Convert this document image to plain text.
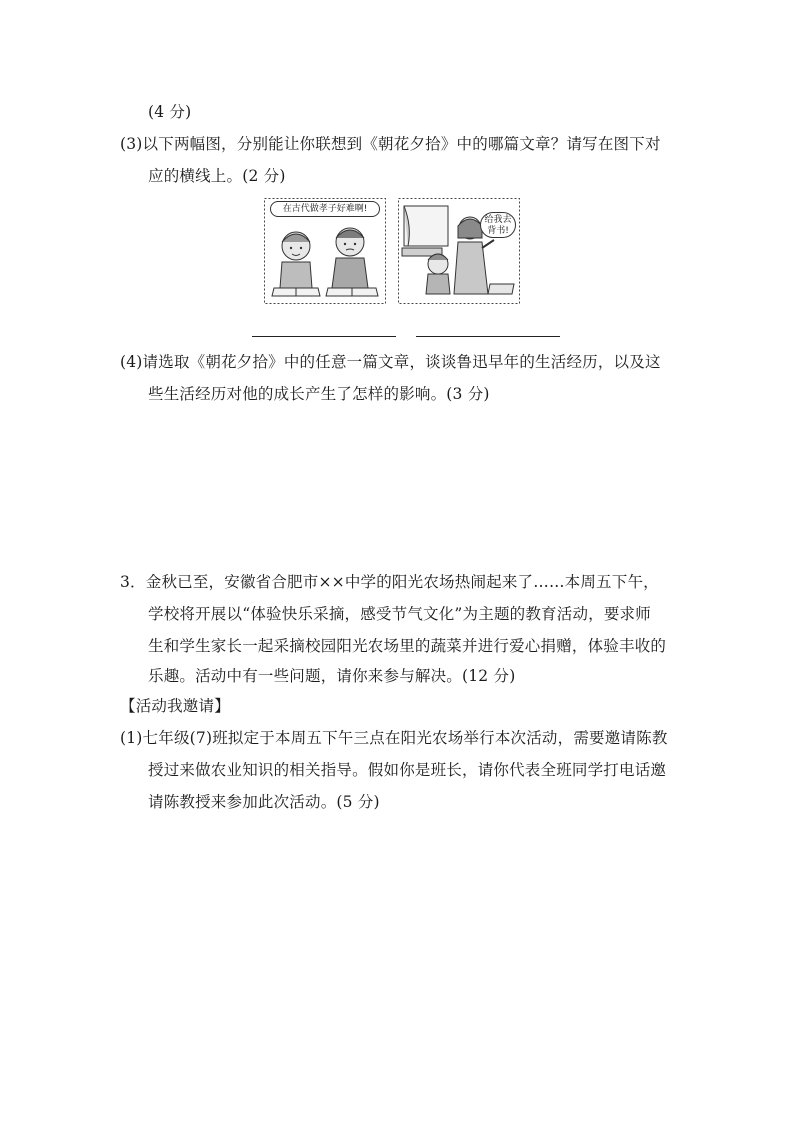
(4 分)
(3)以下两幅图，分别能让你联想到《朝花夕拾》中的哪篇文章？请写在图下对
应的横线上。(2 分)
在古代做孝子好难啊!
给我去背书!
(4)请选取《朝花夕拾》中的任意一篇文章，谈谈鲁迅早年的生活经历，以及这
些生活经历对他的成长产生了怎样的影响。(3 分)
3．金秋已至，安徽省合肥市××中学的阳光农场热闹起来了……本周五下午，
学校将开展以“体验快乐采摘，感受节气文化”为主题的教育活动，要求师
生和学生家长一起采摘校园阳光农场里的蔬菜并进行爱心捐赠，体验丰收的
乐趣。活动中有一些问题，请你来参与解决。(12 分)
【活动我邀请】
(1)七年级(7)班拟定于本周五下午三点在阳光农场举行本次活动，需要邀请陈教
授过来做农业知识的相关指导。假如你是班长，请你代表全班同学打电话邀
请陈教授来参加此次活动。(5 分)
